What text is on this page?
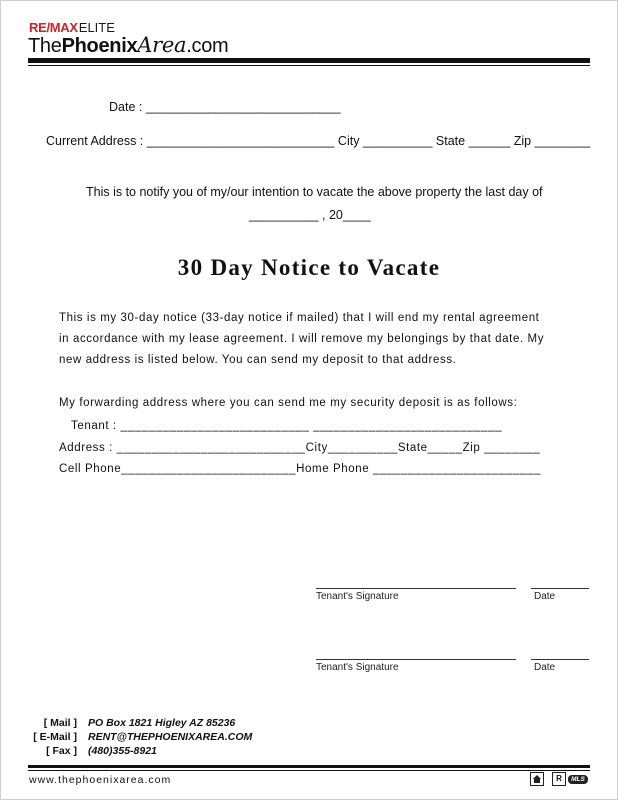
RE/MAXELITE
ThePhoenixArea.com
Date : ____________________________
Current Address : ___________________________ City __________ State ______ Zip ________
This is to notify you of my/our intention to vacate the above property the last day of
__________ , 20____
30 Day Notice to Vacate
This is my 30-day notice (33-day notice if mailed) that I will end my rental agreement
in accordance with my lease agreement. I will remove my belongings by that date. My
new address is listed below. You can send my deposit to that address.
My forwarding address where you can send me my security deposit is as follows:
Tenant : ___________________________ ___________________________
Address : ___________________________City__________State_____Zip ________
Cell Phone_________________________Home Phone ________________________
Tenant's Signature	Date
Tenant's Signature	Date
[ Mail ] PO Box 1821 Higley AZ 85236
[ E-Mail ] RENT@THEPHOENIXAREA.COM
[ Fax ] (480)355-8921
www.thephoenixarea.com	R	MLS
